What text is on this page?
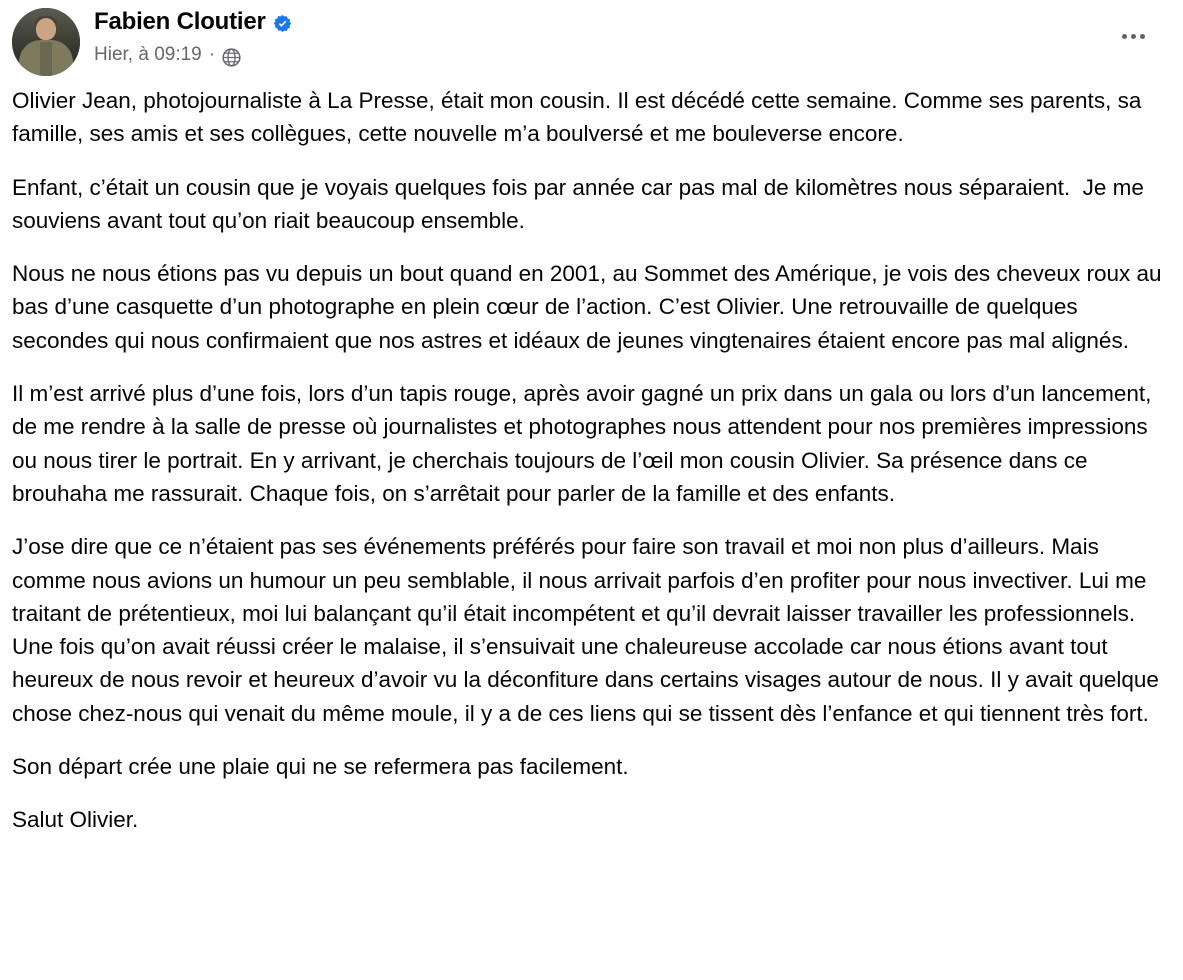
Fabien Cloutier
Hier, à 09:19 ·

Olivier Jean, photojournaliste à La Presse, était mon cousin. Il est décédé cette semaine. Comme ses parents, sa famille, ses amis et ses collègues, cette nouvelle m’a boulversé et me bouleverse encore.

Enfant, c’était un cousin que je voyais quelques fois par année car pas mal de kilomètres nous séparaient.  Je me souviens avant tout qu’on riait beaucoup ensemble.

Nous ne nous étions pas vu depuis un bout quand en 2001, au Sommet des Amérique, je vois des cheveux roux au bas d’une casquette d’un photographe en plein cœur de l’action. C’est Olivier. Une retrouvaille de quelques secondes qui nous confirmaient que nos astres et idéaux de jeunes vingtenaires étaient encore pas mal alignés.

Il m’est arrivé plus d’une fois, lors d’un tapis rouge, après avoir gagné un prix dans un gala ou lors d’un lancement, de me rendre à la salle de presse où journalistes et photographes nous attendent pour nos premières impressions ou nous tirer le portrait. En y arrivant, je cherchais toujours de l’œil mon cousin Olivier. Sa présence dans ce brouhaha me rassurait. Chaque fois, on s’arrêtait pour parler de la famille et des enfants.

J’ose dire que ce n’étaient pas ses événements préférés pour faire son travail et moi non plus d’ailleurs. Mais comme nous avions un humour un peu semblable, il nous arrivait parfois d’en profiter pour nous invectiver. Lui me traitant de prétentieux, moi lui balançant qu’il était incompétent et qu’il devrait laisser travailler les professionnels. Une fois qu’on avait réussi créer le malaise, il s’ensuivait une chaleureuse accolade car nous étions avant tout heureux de nous revoir et heureux d’avoir vu la déconfiture dans certains visages autour de nous. Il y avait quelque chose chez-nous qui venait du même moule, il y a de ces liens qui se tissent dès l’enfance et qui tiennent très fort.

Son départ crée une plaie qui ne se refermera pas facilement.

Salut Olivier.
